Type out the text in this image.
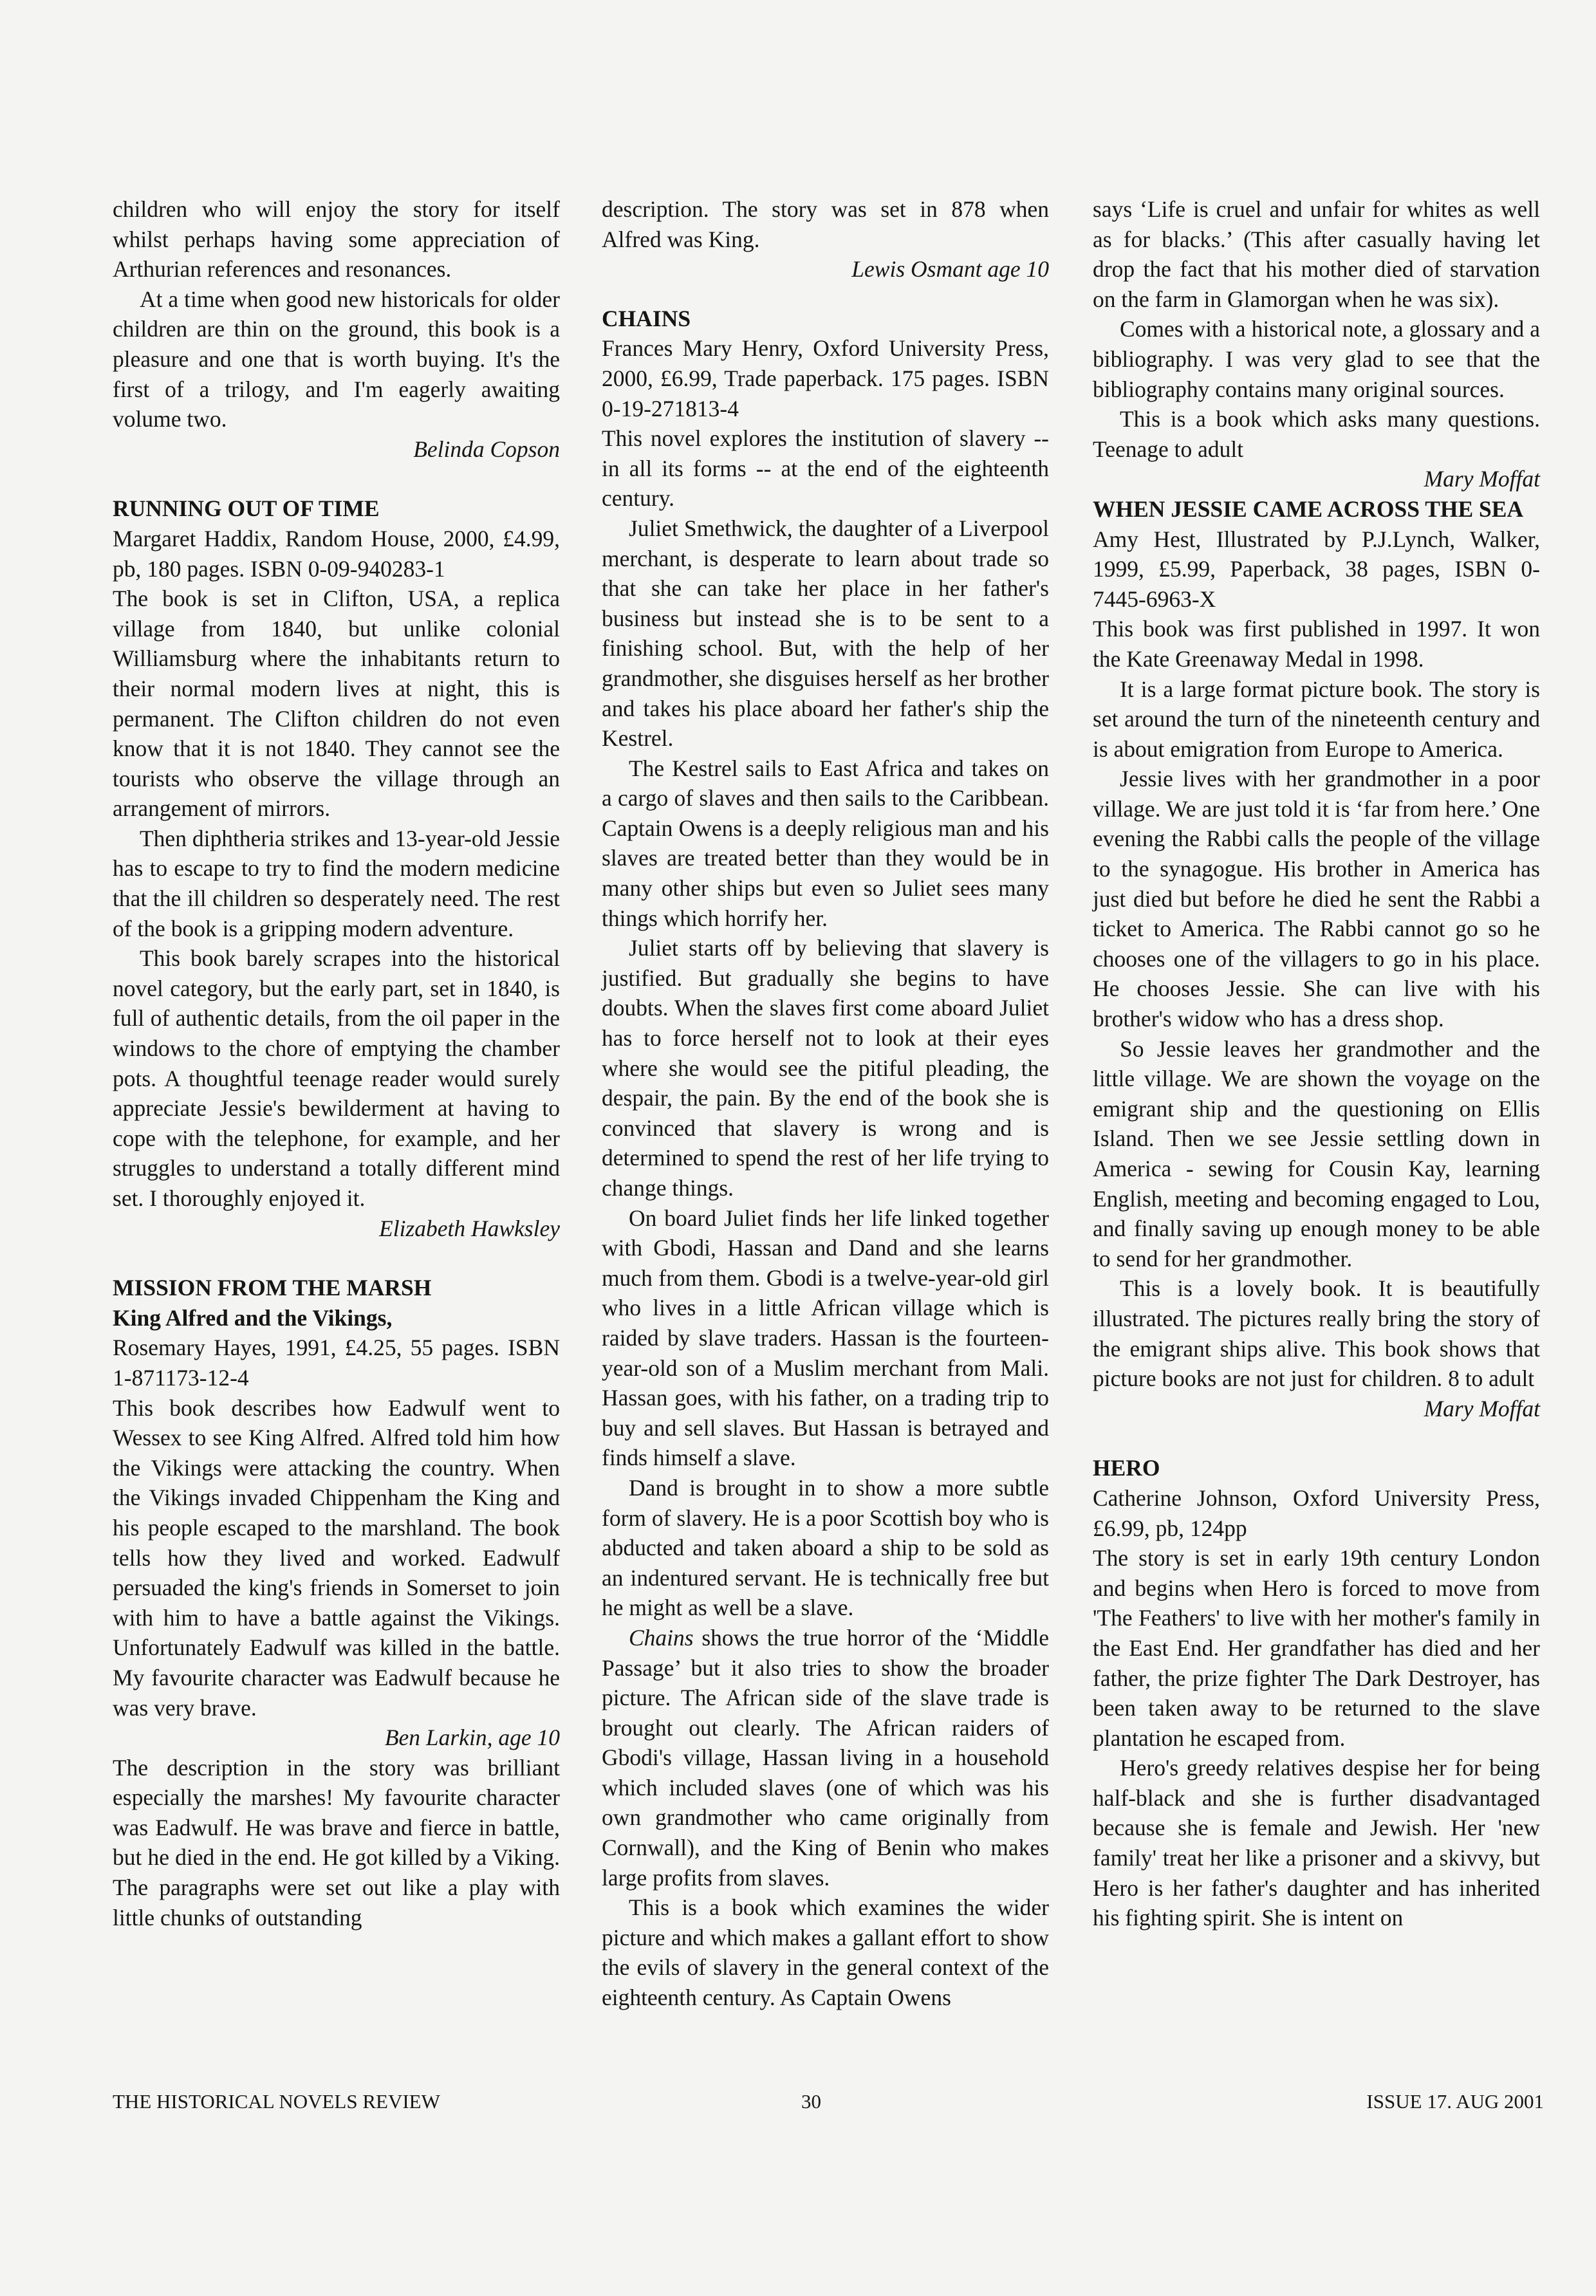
children who will enjoy the story for itself whilst perhaps having some appreciation of Arthurian references and resonances.

At a time when good new historicals for older children are thin on the ground, this book is a pleasure and one that is worth buying. It's the first of a trilogy, and I'm eagerly awaiting volume two.

Belinda Copson

RUNNING OUT OF TIME

Margaret Haddix, Random House, 2000, £4.99, pb, 180 pages. ISBN 0-09-940283-1

The book is set in Clifton, USA, a replica village from 1840, but unlike colonial Williamsburg where the inhabitants return to their normal modern lives at night, this is permanent. The Clifton children do not even know that it is not 1840. They cannot see the tourists who observe the village through an arrangement of mirrors.

Then diphtheria strikes and 13-year-old Jessie has to escape to try to find the modern medicine that the ill children so desperately need. The rest of the book is a gripping modern adventure.

This book barely scrapes into the historical novel category, but the early part, set in 1840, is full of authentic details, from the oil paper in the windows to the chore of emptying the chamber pots. A thoughtful teenage reader would surely appreciate Jessie's bewilderment at having to cope with the telephone, for example, and her struggles to understand a totally different mind set. I thoroughly enjoyed it.

Elizabeth Hawksley

MISSION FROM THE MARSH

King Alfred and the Vikings,

Rosemary Hayes, 1991, £4.25, 55 pages. ISBN 1-871173-12-4

This book describes how Eadwulf went to Wessex to see King Alfred. Alfred told him how the Vikings were attacking the country. When the Vikings invaded Chippenham the King and his people escaped to the marshland. The book tells how they lived and worked. Eadwulf persuaded the king's friends in Somerset to join with him to have a battle against the Vikings. Unfortunately Eadwulf was killed in the battle. My favourite character was Eadwulf because he was very brave.

Ben Larkin, age 10

The description in the story was brilliant especially the marshes! My favourite character was Eadwulf. He was brave and fierce in battle, but he died in the end. He got killed by a Viking. The paragraphs were set out like a play with little chunks of outstanding

description. The story was set in 878 when Alfred was King.

Lewis Osmant age 10

CHAINS

Frances Mary Henry, Oxford University Press, 2000, £6.99, Trade paperback. 175 pages. ISBN 0-19-271813-4

This novel explores the institution of slavery -- in all its forms -- at the end of the eighteenth century.

Juliet Smethwick, the daughter of a Liverpool merchant, is desperate to learn about trade so that she can take her place in her father's business but instead she is to be sent to a finishing school. But, with the help of her grandmother, she disguises herself as her brother and takes his place aboard her father's ship the Kestrel.

The Kestrel sails to East Africa and takes on a cargo of slaves and then sails to the Caribbean. Captain Owens is a deeply religious man and his slaves are treated better than they would be in many other ships but even so Juliet sees many things which horrify her.

Juliet starts off by believing that slavery is justified. But gradually she begins to have doubts. When the slaves first come aboard Juliet has to force herself not to look at their eyes where she would see the pitiful pleading, the despair, the pain. By the end of the book she is convinced that slavery is wrong and is determined to spend the rest of her life trying to change things.

On board Juliet finds her life linked together with Gbodi, Hassan and Dand and she learns much from them. Gbodi is a twelve-year-old girl who lives in a little African village which is raided by slave traders. Hassan is the fourteen-year-old son of a Muslim merchant from Mali. Hassan goes, with his father, on a trading trip to buy and sell slaves. But Hassan is betrayed and finds himself a slave.

Dand is brought in to show a more subtle form of slavery. He is a poor Scottish boy who is abducted and taken aboard a ship to be sold as an indentured servant. He is technically free but he might as well be a slave.

Chains shows the true horror of the ‘Middle Passage’ but it also tries to show the broader picture. The African side of the slave trade is brought out clearly. The African raiders of Gbodi's village, Hassan living in a household which included slaves (one of which was his own grandmother who came originally from Cornwall), and the King of Benin who makes large profits from slaves.

This is a book which examines the wider picture and which makes a gallant effort to show the evils of slavery in the general context of the eighteenth century. As Captain Owens

says ‘Life is cruel and unfair for whites as well as for blacks.’ (This after casually having let drop the fact that his mother died of starvation on the farm in Glamorgan when he was six).

Comes with a historical note, a glossary and a bibliography. I was very glad to see that the bibliography contains many original sources.

This is a book which asks many questions. Teenage to adult

Mary Moffat

WHEN JESSIE CAME ACROSS THE SEA

Amy Hest, Illustrated by P.J.Lynch, Walker, 1999, £5.99, Paperback, 38 pages, ISBN 0-7445-6963-X

This book was first published in 1997. It won the Kate Greenaway Medal in 1998.

It is a large format picture book. The story is set around the turn of the nineteenth century and is about emigration from Europe to America.

Jessie lives with her grandmother in a poor village. We are just told it is ‘far from here.’ One evening the Rabbi calls the people of the village to the synagogue. His brother in America has just died but before he died he sent the Rabbi a ticket to America. The Rabbi cannot go so he chooses one of the villagers to go in his place. He chooses Jessie. She can live with his brother's widow who has a dress shop.

So Jessie leaves her grandmother and the little village. We are shown the voyage on the emigrant ship and the questioning on Ellis Island. Then we see Jessie settling down in America - sewing for Cousin Kay, learning English, meeting and becoming engaged to Lou, and finally saving up enough money to be able to send for her grandmother.

This is a lovely book. It is beautifully illustrated. The pictures really bring the story of the emigrant ships alive. This book shows that picture books are not just for children. 8 to adult

Mary Moffat

HERO

Catherine Johnson, Oxford University Press, £6.99, pb, 124pp

The story is set in early 19th century London and begins when Hero is forced to move from 'The Feathers' to live with her mother's family in the East End. Her grandfather has died and her father, the prize fighter The Dark Destroyer, has been taken away to be returned to the slave plantation he escaped from.

Hero's greedy relatives despise her for being half-black and she is further disadvantaged because she is female and Jewish. Her 'new family' treat her like a prisoner and a skivvy, but Hero is her father's daughter and has inherited his fighting spirit. She is intent on

THE HISTORICAL NOVELS REVIEW	30	ISSUE 17. AUG 2001
